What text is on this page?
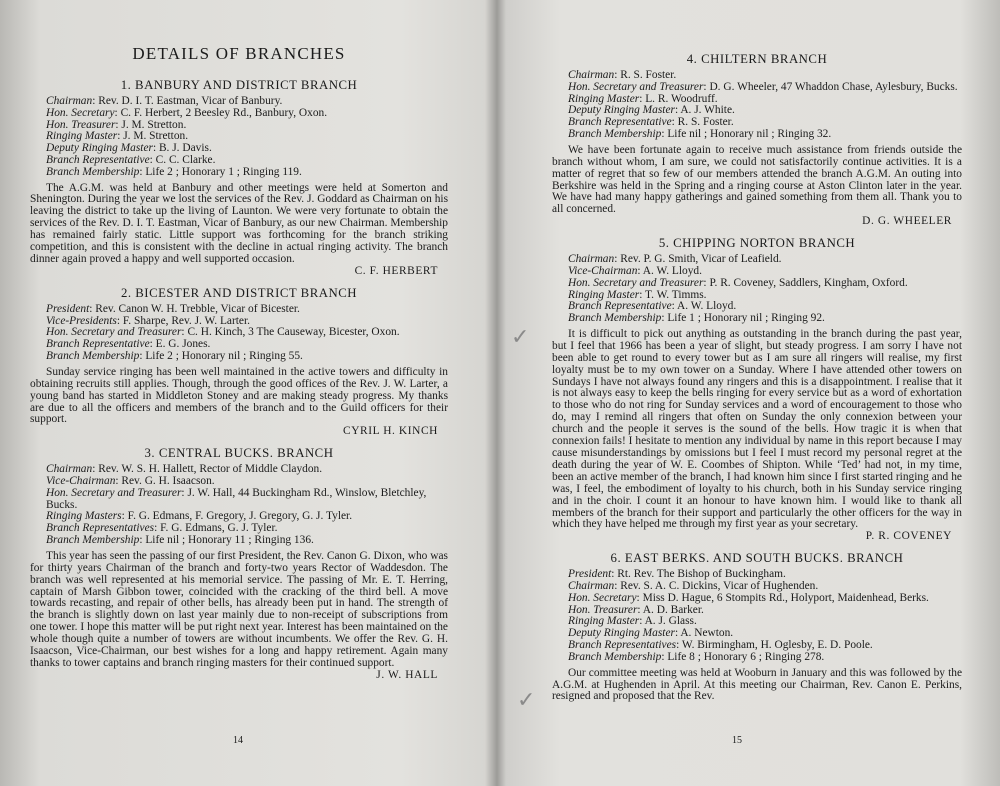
DETAILS OF BRANCHES
1. BANBURY AND DISTRICT BRANCH

Chairman: Rev. D. I. T. Eastman, Vicar of Banbury.

Hon. Secretary: C. F. Herbert, 2 Beesley Rd., Banbury, Oxon.

Hon. Treasurer: J. M. Stretton.

Ringing Master: J. M. Stretton.

Deputy Ringing Master: B. J. Davis.

Branch Representative: C. C. Clarke.

Branch Membership: Life 2 ; Honorary 1 ; Ringing 119.

The A.G.M. was held at Banbury and other meetings were held at Somerton and Shenington. During the year we lost the services of the Rev. J. Goddard as Chairman on his leaving the district to take up the living of Launton. We were very fortunate to obtain the services of the Rev. D. I. T. Eastman, Vicar of Banbury, as our new Chairman. Membership has remained fairly static. Little support was forthcoming for the branch striking competition, and this is consistent with the decline in actual ringing activity. The branch dinner again proved a happy and well supported occasion.

C. F. HERBERT

2. BICESTER AND DISTRICT BRANCH

President: Rev. Canon W. H. Trebble, Vicar of Bicester.

Vice-Presidents: F. Sharpe, Rev. J. W. Larter.

Hon. Secretary and Treasurer: C. H. Kinch, 3 The Causeway, Bicester, Oxon.

Branch Representative: E. G. Jones.

Branch Membership: Life 2 ; Honorary nil ; Ringing 55.

Sunday service ringing has been well maintained in the active towers and difficulty in obtaining recruits still applies. Though, through the good offices of the Rev. J. W. Larter, a young band has started in Middleton Stoney and are making steady progress. My thanks are due to all the officers and members of the branch and to the Guild officers for their support.

CYRIL H. KINCH

3. CENTRAL BUCKS. BRANCH

Chairman: Rev. W. S. H. Hallett, Rector of Middle Claydon.

Vice-Chairman: Rev. G. H. Isaacson.

Hon. Secretary and Treasurer: J. W. Hall, 44 Buckingham Rd., Winslow, Bletchley, Bucks.

Ringing Masters: F. G. Edmans, F. Gregory, J. Gregory, G. J. Tyler.

Branch Representatives: F. G. Edmans, G. J. Tyler.

Branch Membership: Life nil ; Honorary 11 ; Ringing 136.

This year has seen the passing of our first President, the Rev. Canon G. Dixon, who was for thirty years Chairman of the branch and forty-two years Rector of Waddesdon. The branch was well represented at his memorial service. The passing of Mr. E. T. Herring, captain of Marsh Gibbon tower, coincided with the cracking of the third bell. A move towards recasting, and repair of other bells, has already been put in hand. The strength of the branch is slightly down on last year mainly due to non-receipt of subscriptions from one tower. I hope this matter will be put right next year. Interest has been maintained on the whole though quite a number of towers are without incumbents. We offer the Rev. G. H. Isaacson, Vice-Chairman, our best wishes for a long and happy retirement. Again many thanks to tower captains and branch ringing masters for their continued support.

J. W. HALL

14
4. CHILTERN BRANCH

Chairman: R. S. Foster.

Hon. Secretary and Treasurer: D. G. Wheeler, 47 Whaddon Chase, Aylesbury, Bucks.

Ringing Master: L. R. Woodruff.

Deputy Ringing Master: A. J. White.

Branch Representative: R. S. Foster.

Branch Membership: Life nil ; Honorary nil ; Ringing 32.

We have been fortunate again to receive much assistance from friends outside the branch without whom, I am sure, we could not satisfactorily continue activities. It is a matter of regret that so few of our members attended the branch A.G.M. An outing into Berkshire was held in the Spring and a ringing course at Aston Clinton later in the year. We have had many happy gatherings and gained something from them all. Thank you to all concerned.

D. G. WHEELER

5. CHIPPING NORTON BRANCH

Chairman: Rev. P. G. Smith, Vicar of Leafield.

Vice-Chairman: A. W. Lloyd.

Hon. Secretary and Treasurer: P. R. Coveney, Saddlers, Kingham, Oxford.

Ringing Master: T. W. Timms.

Branch Representative: A. W. Lloyd.

Branch Membership: Life 1 ; Honorary nil ; Ringing 92.

It is difficult to pick out anything as outstanding in the branch during the past year, but I feel that 1966 has been a year of slight, but steady progress. I am sorry I have not been able to get round to every tower but as I am sure all ringers will realise, my first loyalty must be to my own tower on a Sunday. Where I have attended other towers on Sundays I have not always found any ringers and this is a disappointment. I realise that it is not always easy to keep the bells ringing for every service but as a word of exhortation to those who do not ring for Sunday services and a word of encouragement to those who do, may I remind all ringers that often on Sunday the only connexion between your church and the people it serves is the sound of the bells. How tragic it is when that connexion fails! I hesitate to mention any individual by name in this report because I may cause misunderstandings by omissions but I feel I must record my personal regret at the death during the year of W. E. Coombes of Shipton. While ‘Ted’ had not, in my time, been an active member of the branch, I had known him since I first started ringing and he was, I feel, the embodiment of loyalty to his church, both in his Sunday service ringing and in the choir. I count it an honour to have known him. I would like to thank all members of the branch for their support and particularly the other officers for the way in which they have helped me through my first year as your secretary.

P. R. COVENEY

6. EAST BERKS. AND SOUTH BUCKS. BRANCH

President: Rt. Rev. The Bishop of Buckingham.

Chairman: Rev. S. A. C. Dickins, Vicar of Hughenden.

Hon. Secretary: Miss D. Hague, 6 Stompits Rd., Holyport, Maidenhead, Berks.

Hon. Treasurer: A. D. Barker.

Ringing Master: A. J. Glass.

Deputy Ringing Master: A. Newton.

Branch Representatives: W. Birmingham, H. Oglesby, E. D. Poole.

Branch Membership: Life 8 ; Honorary 6 ; Ringing 278.

Our committee meeting was held at Wooburn in January and this was followed by the A.G.M. at Hughenden in April. At this meeting our Chairman, Rev. Canon E. Perkins, resigned and proposed that the Rev.

15
✓
✓
